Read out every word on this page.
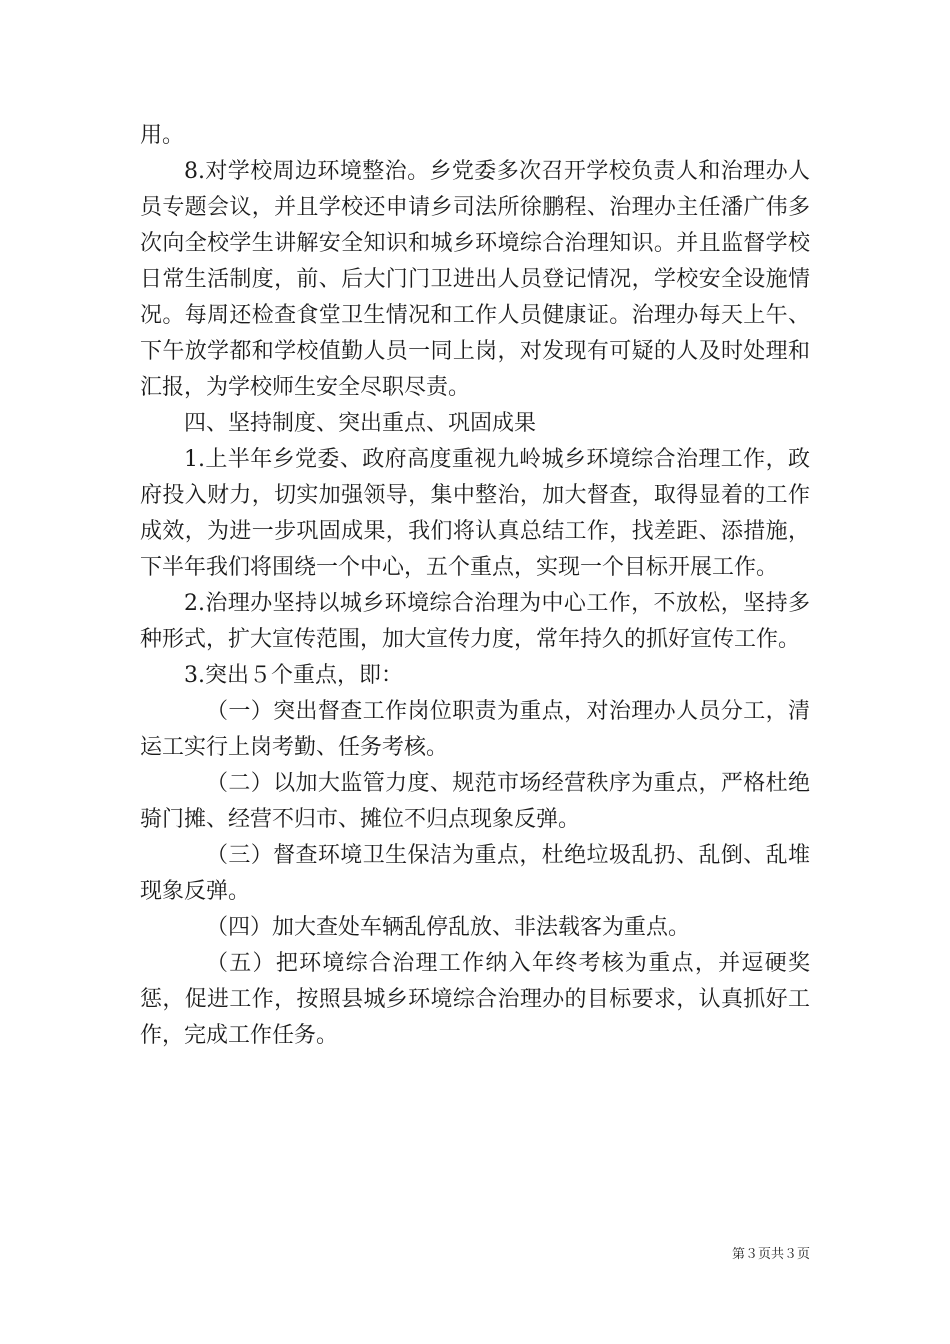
用。

8.对学校周边环境整治。乡党委多次召开学校负责人和治理办人员专题会议，并且学校还申请乡司法所徐鹏程、治理办主任潘广伟多次向全校学生讲解安全知识和城乡环境综合治理知识。并且监督学校日常生活制度，前、后大门门卫进出人员登记情况，学校安全设施情况。每周还检查食堂卫生情况和工作人员健康证。治理办每天上午、下午放学都和学校值勤人员一同上岗，对发现有可疑的人及时处理和汇报，为学校师生安全尽职尽责。

四、坚持制度、突出重点、巩固成果

1.上半年乡党委、政府高度重视九岭城乡环境综合治理工作，政府投入财力，切实加强领导，集中整治，加大督查，取得显着的工作成效，为进一步巩固成果，我们将认真总结工作，找差距、添措施，下半年我们将围绕一个中心，五个重点，实现一个目标开展工作。

2.治理办坚持以城乡环境综合治理为中心工作，不放松，坚持多种形式，扩大宣传范围，加大宣传力度，常年持久的抓好宣传工作。

3.突出５个重点，即：

（一）突出督查工作岗位职责为重点，对治理办人员分工，清运工实行上岗考勤、任务考核。

（二）以加大监管力度、规范市场经营秩序为重点，严格杜绝骑门摊、经营不归市、摊位不归点现象反弹。

（三）督查环境卫生保洁为重点，杜绝垃圾乱扔、乱倒、乱堆现象反弹。

（四）加大查处车辆乱停乱放、非法载客为重点。

（五）把环境综合治理工作纳入年终考核为重点，并逗硬奖惩，促进工作，按照县城乡环境综合治理办的目标要求，认真抓好工作，完成工作任务。

第３页共３页
